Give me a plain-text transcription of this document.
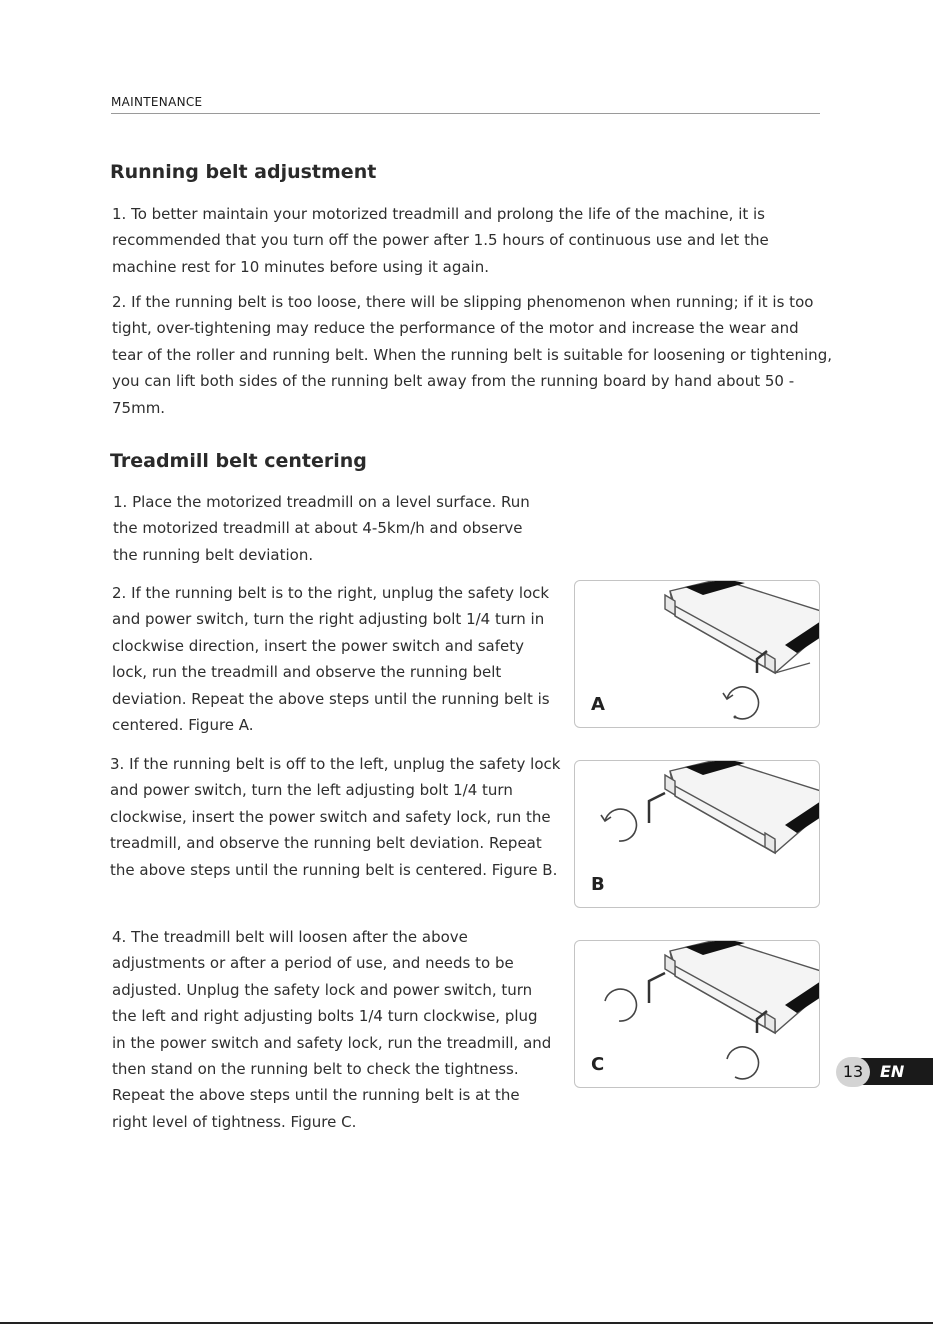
MAINTENANCE
Running belt adjustment

1. To better maintain your motorized treadmill and prolong the life of the machine, it is recommended that you turn off the power after 1.5 hours of continuous use and let the machine rest for 10 minutes before using it again.

2. If the running belt is too loose, there will be slipping phenomenon when running; if it is too tight, over-tightening may reduce the performance of the motor and increase the wear and tear of the roller and running belt. When the running belt is suitable for loosening or tightening, you can lift both sides of the running belt away from the running board by hand about 50 - 75mm.

Treadmill belt centering

1. Place the motorized treadmill on a level surface. Run the motorized treadmill at about 4-5km/h and observe the running belt deviation.

2. If the running belt is to the right, unplug the safety lock and power switch, turn the right adjusting bolt 1/4 turn in clockwise direction, insert the power switch and safety lock, run the treadmill and observe the running belt deviation. Repeat the above steps until the running belt is centered. Figure A.

3. If the running belt is off to the left, unplug the safety lock and power switch, turn the left adjusting bolt 1/4 turn clockwise, insert the power switch and safety lock, run the treadmill, and observe the running belt deviation. Repeat the above steps until the running belt is centered. Figure B.

4. The treadmill belt will loosen after the above adjustments or after a period of use, and needs to be adjusted. Unplug the safety lock and power switch, turn the left and right adjusting bolts 1/4 turn clockwise, plug in the power switch and safety lock, run the treadmill, and then stand on the running belt to check the tightness. Repeat the above steps until the running belt is at the right level of tightness. Figure C.

A
B
C	EN
13
